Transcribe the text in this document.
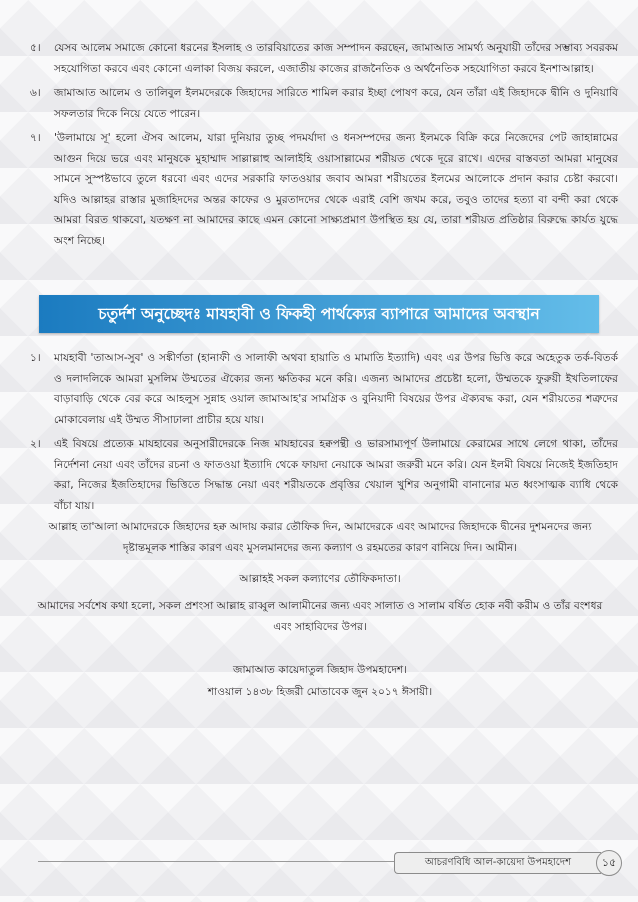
৫।	যেসব আলেম সমাজে কোনো ধরনের ইসলাহ ও তারবিয়াতের কাজ সম্পাদন করছেন, জামাআত সামর্থ্য অনুযায়ী তাঁদের সম্ভাব্য সবরকম সহযোগিতা করবে এবং কোনো এলাকা বিজয় করলে, এজাতীয় কাজের রাজনৈতিক ও অর্থনৈতিক সহযোগিতা করবে ইনশাআল্লাহ।
৬।	জামাআত আলেম ও তালিবুল ইলমদেরকে জিহাদের সারিতে শামিল করার ইচ্ছা পোষণ করে, যেন তাঁরা এই জিহাদকে দ্বীনি ও দুনিয়াবি সফলতার দিকে নিয়ে যেতে পারেন।
৭।	'উলামায়ে সূ' হলো ঐসব আলেম, যারা দুনিয়ার তুচ্ছ পদমর্যাদা ও ধনসম্পদের জন্য ইলমকে বিক্রি করে নিজেদের পেট জাহান্নামের আগুন দিয়ে ভরে এবং মানুষকে মুহাম্মাদ সাল্লাল্লাহু আলাইহি ওয়াসাল্লামের শরীয়ত থেকে দূরে রাখে। এদের বাস্তবতা আমরা মানুষের সামনে সুস্পষ্টভাবে তুলে ধরবো এবং এদের সরকারি ফাতওয়ার জবাব আমরা শরীয়তের ইলমের আলোকে প্রদান করার চেষ্টা করবো। যদিও আল্লাহর রাস্তার মুজাহিদদের অন্তর কাফের ও মুরতাদদের থেকে এরাই বেশি জখম করে, তবুও তাদের হত্যা বা বন্দী করা থেকে আমরা বিরত থাকবো, যতক্ষণ না আমাদের কাছে এমন কোনো সাক্ষ্যপ্রমাণ উপস্থিত হয় যে, তারা শরীয়ত প্রতিষ্ঠার বিরুদ্ধে কার্যত যুদ্ধে অংশ নিচ্ছে।
চতুর্দশ অনুচ্ছেদঃ মাযহাবী ও ফিকহী পার্থক্যের ব্যাপারে আমাদের অবস্থান
১।	মাযহাবী 'তাআস-সুব' ও সঙ্কীর্ণতা (হানাফী ও সালাফী অথবা হায়াতি ও মামাতি ইত্যাদি) এবং এর উপর ভিত্তি করে অহেতুক তর্ক-বিতর্ক ও দলাদলিকে আমরা মুসলিম উম্মতের ঐক্যের জন্য ক্ষতিকর মনে করি। এজন্য আমাদের প্রচেষ্টা হলো, উম্মতকে ফুরুয়ী ইখতিলাফের বাড়াবাড়ি থেকে বের করে আহলুস সুন্নাহ ওয়াল জামাআহ'র সামগ্রিক ও বুনিয়াদী বিষয়ের উপর ঐক্যবদ্ধ করা, যেন শরীয়তের শত্রুদের মোকাবেলায় এই উম্মত সীসাঢালা প্রাচীর হয়ে যায়।
২।	এই বিষয়ে প্রত্যেক মাযহাবের অনুসারীদেরকে নিজ মাযহাবের হক্বপন্থী ও ভারসাম্যপূর্ণ উলামায়ে কেরামের সাথে লেগে থাকা, তাঁদের নির্দেশনা নেয়া এবং তাঁদের রচনা ও ফাতওয়া ইত্যাদি থেকে ফায়দা নেয়াকে আমরা জরুরী মনে করি। যেন ইলমী বিষয়ে নিজেই ইজতিহাদ করা, নিজের ইজতিহাদের ভিত্তিতে সিদ্ধান্ত নেয়া এবং শরীয়তকে প্রবৃত্তির খেয়াল খুশির অনুগামী বানানোর মত ধ্বংসাত্মক ব্যাধি থেকে বাঁচা যায়।
আল্লাহ তা'আলা আমাদেরকে জিহাদের হক্ব আদায় করার তৌফিক দিন, আমাদেরকে এবং আমাদের জিহাদকে দ্বীনের দুশমনদের জন্য দৃষ্টান্তমূলক শাস্তির কারণ এবং মুসলমানদের জন্য কল্যাণ ও রহমতের কারণ বানিয়ে দিন। আমীন।
আল্লাহই সকল কল্যাণের তৌফিকদাতা।
আমাদের সর্বশেষ কথা হলো, সকল প্রশংসা আল্লাহ রাব্বুল আলামীনের জন্য এবং সালাত ও সালাম বর্ষিত হোক নবী করীম ও তাঁর বংশধর এবং সাহাবিদের উপর।
জামাআত কায়েদাতুল জিহাদ উপমহাদেশ।
শাওয়াল ১৪৩৮ হিজরী মোতাবেক জুন ২০১৭ ঈসায়ী।
আচরণবিধি আল-কায়েদা উপমহাদেশ	১৫
